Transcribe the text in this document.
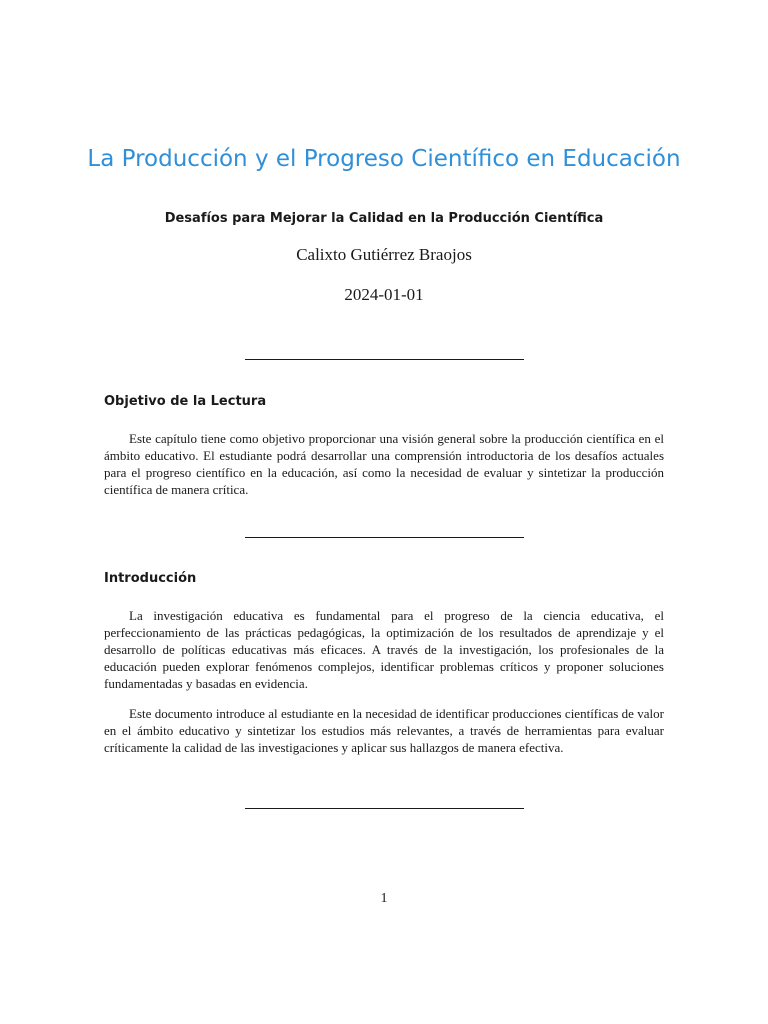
La Producción y el Progreso Científico en Educación

Desafíos para Mejorar la Calidad en la Producción Científica

Calixto Gutiérrez Braojos

2024-01-01

Objetivo de la Lectura

Este capítulo tiene como objetivo proporcionar una visión general sobre la producción científica en el ámbito educativo. El estudiante podrá desarrollar una comprensión introductoria de los desafíos actuales para el progreso científico en la educación, así como la necesidad de evaluar y sintetizar la producción científica de manera crítica.

Introducción

La investigación educativa es fundamental para el progreso de la ciencia educativa, el perfeccionamiento de las prácticas pedagógicas, la optimización de los resultados de aprendizaje y el desarrollo de políticas educativas más eficaces. A través de la investigación, los profesionales de la educación pueden explorar fenómenos complejos, identificar problemas críticos y proponer soluciones fundamentadas y basadas en evidencia.

Este documento introduce al estudiante en la necesidad de identificar producciones científicas de valor en el ámbito educativo y sintetizar los estudios más relevantes, a través de herramientas para evaluar críticamente la calidad de las investigaciones y aplicar sus hallazgos de manera efectiva.

1
